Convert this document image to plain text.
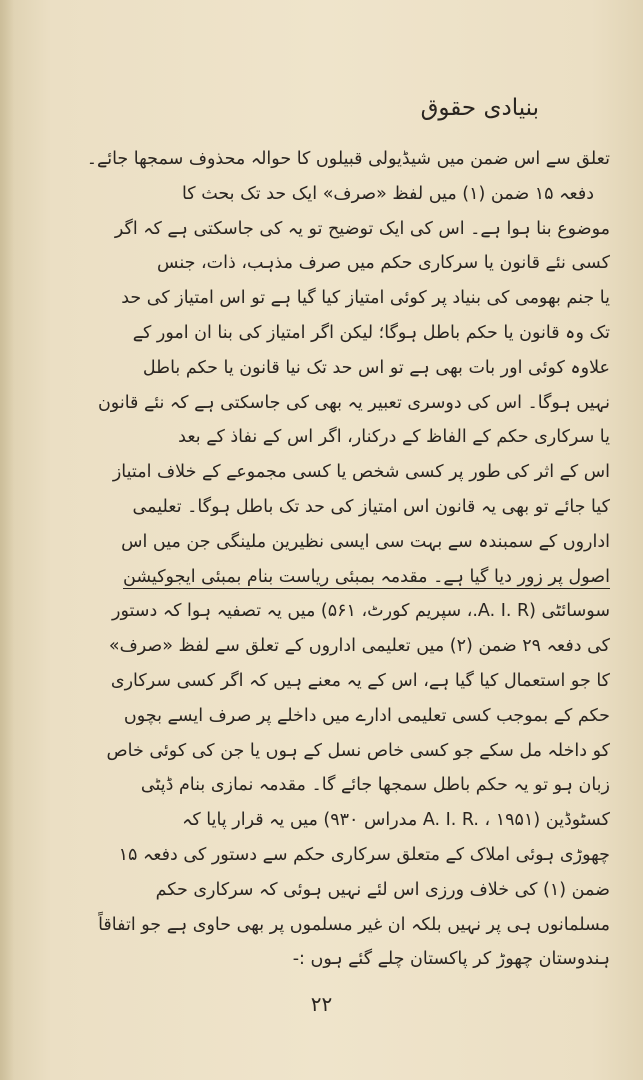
بنیادی حقوق
تعلق سے اس ضمن میں شیڈیولی قبیلوں کا حوالہ محذوف سمجھا جائے۔
دفعہ ۱۵ ضمن (۱) میں لفظ «صرف» ایک حد تک بحث کا
موضوع بنا ہوا ہے۔ اس کی ایک توضیح تو یہ کی جاسکتی ہے کہ اگر
کسی نئے قانون یا سرکاری حکم میں صرف مذہب، ذات، جنس
یا جنم بھومی کی بنیاد پر کوئی امتیاز کیا گیا ہے تو اس امتیاز کی حد
تک وہ قانون یا حکم باطل ہوگا؛ لیکن اگر امتیاز کی بنا ان امور کے
علاوہ کوئی اور بات بھی ہے تو اس حد تک نیا قانون یا حکم باطل
نہیں ہوگا۔ اس کی دوسری تعبیر یہ بھی کی جاسکتی ہے کہ نئے قانون
یا سرکاری حکم کے الفاظ کے درکنار، اگر اس کے نفاذ کے بعد
اس کے اثر کی طور پر کسی شخص یا کسی مجموعے کے خلاف امتیاز
کیا جائے تو بھی یہ قانون اس امتیاز کی حد تک باطل ہوگا۔ تعلیمی
اداروں کے سمبندہ سے بہت سی ایسی نظیرین ملینگی جن میں اس
اصول پر زور دیا گیا ہے۔ مقدمہ بمبئی ریاست بنام بمبئی ایجوکیشن
سوسائٹی (A. I. R.، سپریم کورٹ، ۵۶۱) میں یہ تصفیہ ہوا کہ دستور
کی دفعہ ۲۹ ضمن (۲) میں تعلیمی اداروں کے تعلق سے لفظ «صرف»
کا جو استعمال کیا گیا ہے، اس کے یہ معنے ہیں کہ اگر کسی سرکاری
حکم کے بموجب کسی تعلیمی ادارے میں داخلے پر صرف ایسے بچوں
کو داخلہ مل سکے جو کسی خاص نسل کے ہوں یا جن کی کوئی خاص
زبان ہو تو یہ حکم باطل سمجھا جائے گا۔ مقدمہ نمازی بنام ڈپٹی
کسٹوڈین (A. I. R. ، ۱۹۵۱ مدراس ۹۳۰) میں یہ قرار پایا کہ
چھوڑی ہوئی املاک کے متعلق سرکاری حکم سے دستور کی دفعہ ۱۵
ضمن (۱) کی خلاف ورزی اس لئے نہیں ہوئی کہ سرکاری حکم
مسلمانوں ہی پر نہیں بلکہ ان غیر مسلموں پر بھی حاوی ہے جو اتفاقاً
ہندوستان چھوڑ کر پاکستان چلے گئے ہوں :-
۲۲
